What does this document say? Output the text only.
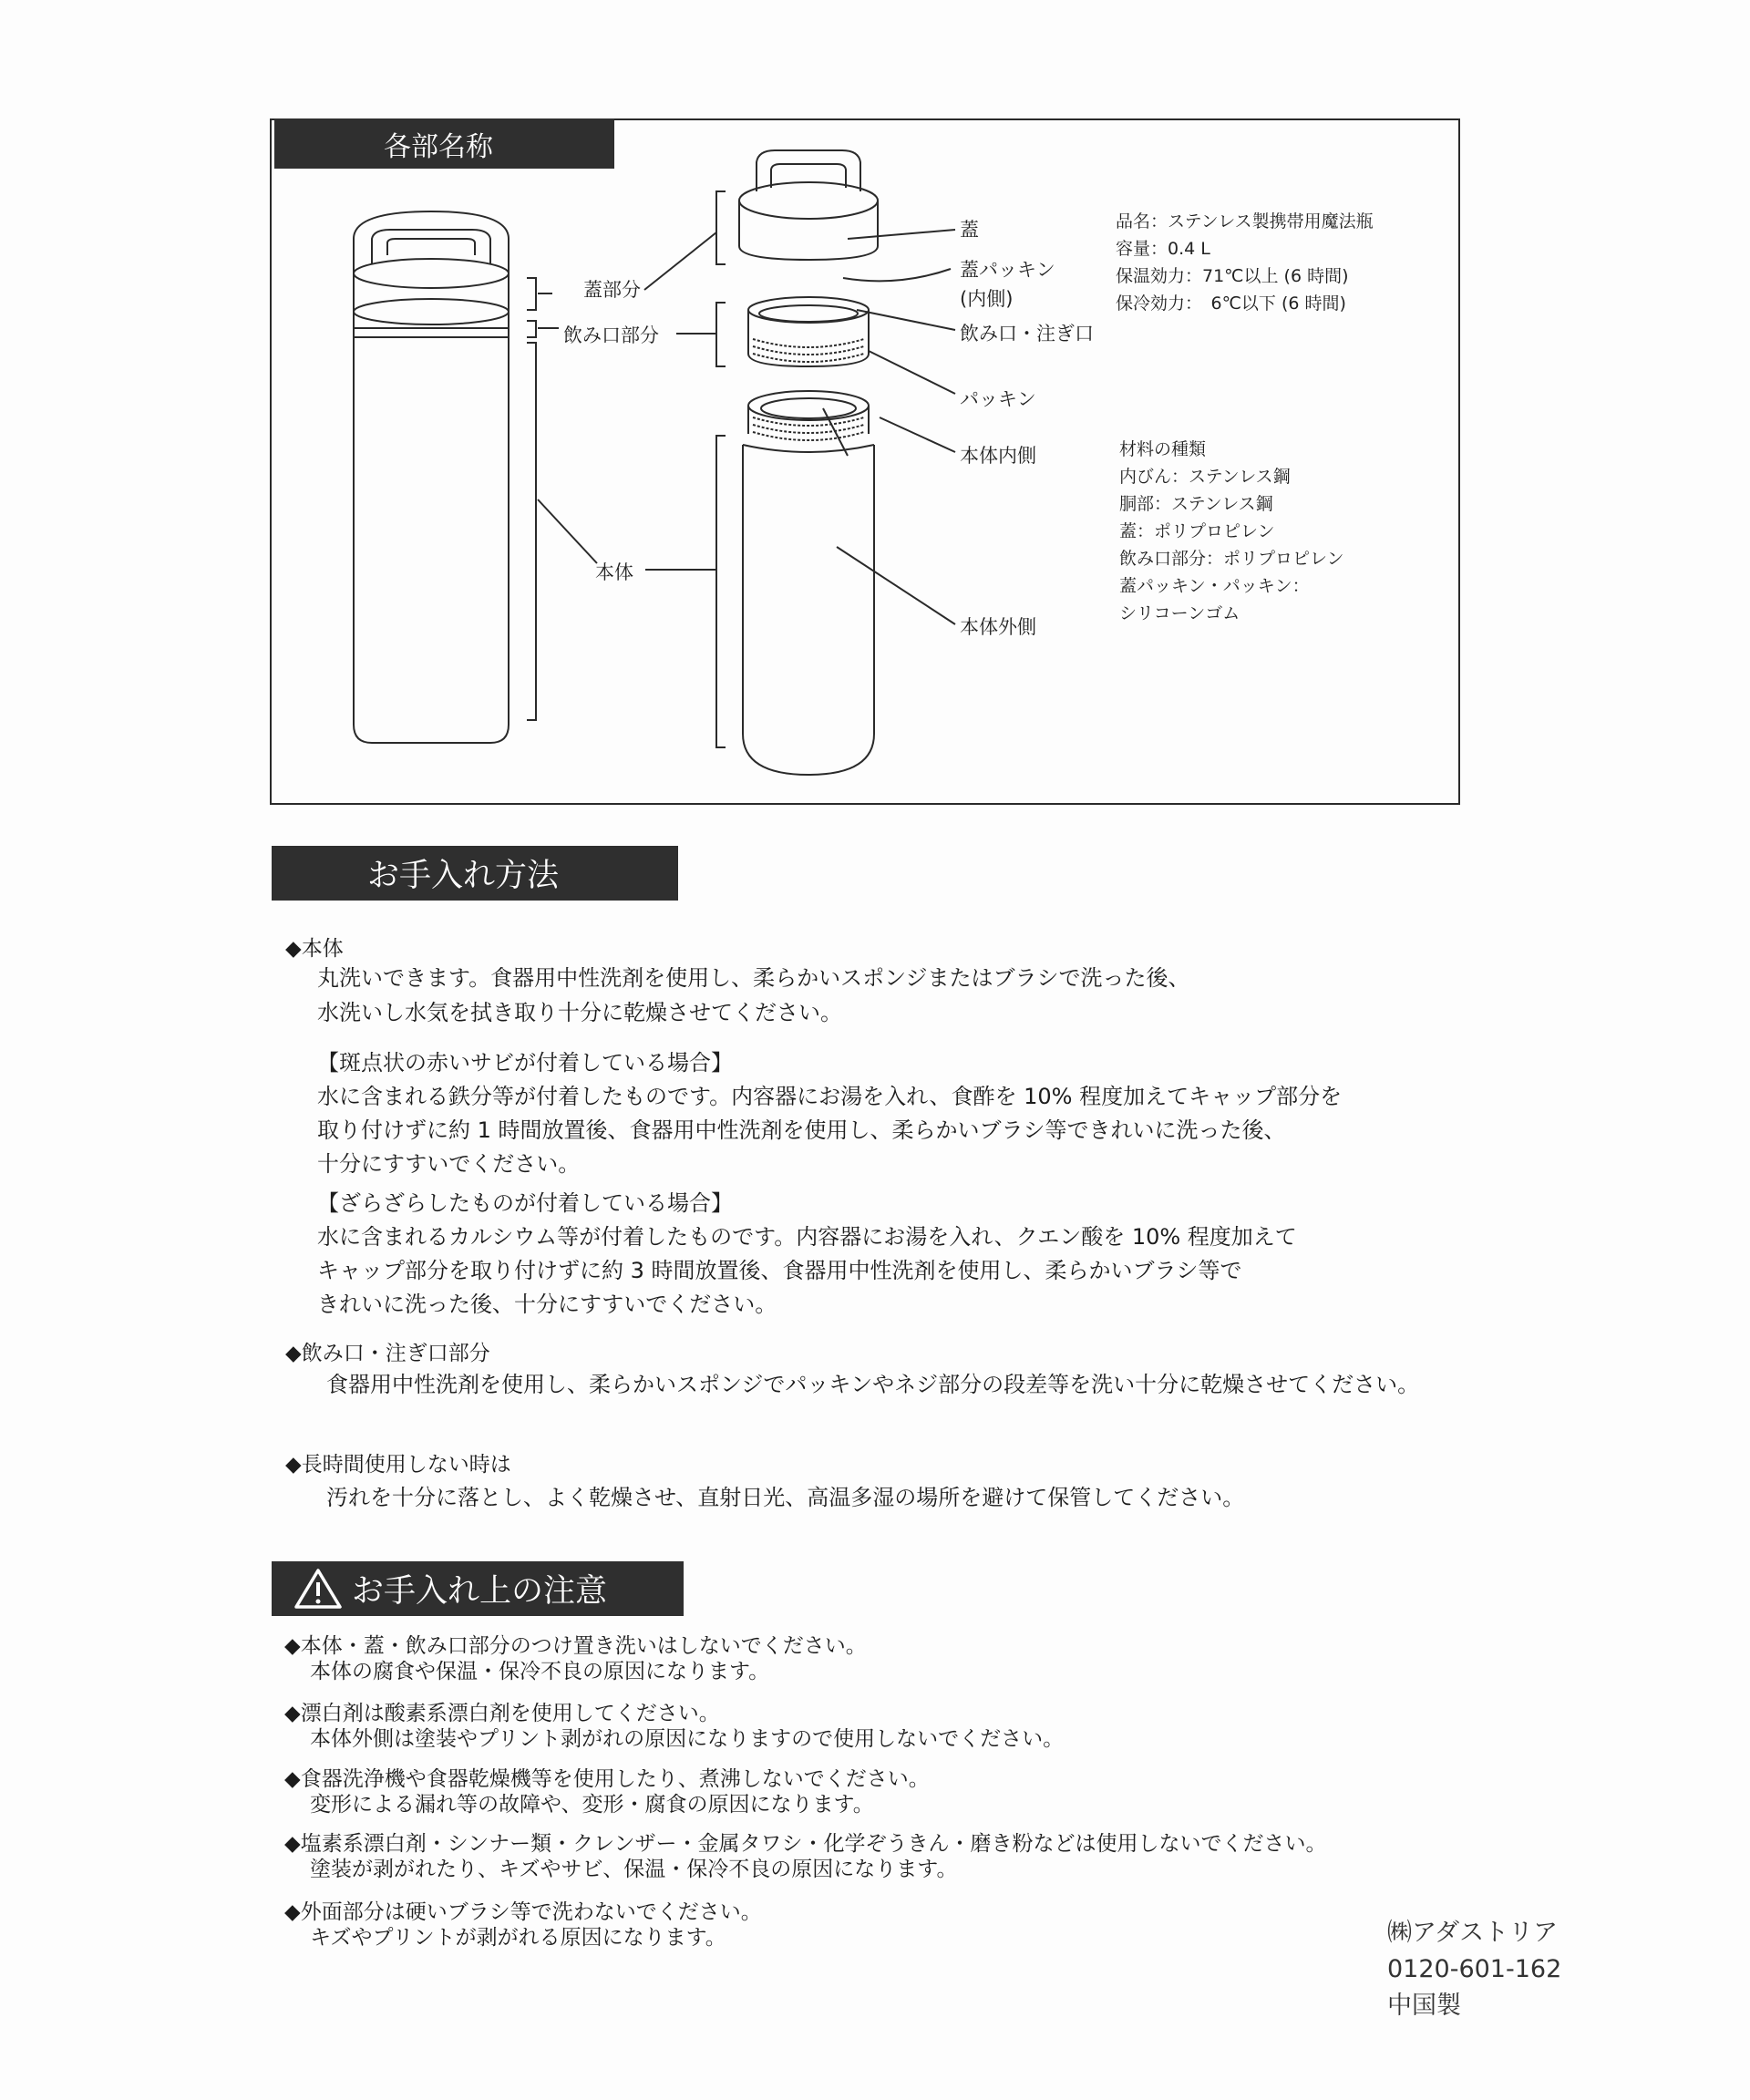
各部名称
蓋部分
飲み口部分
本体
蓋
蓋パッキン
(内側)
飲み口・注ぎ口
パッキン
本体内側
本体外側
品名：ステンレス製携帯用魔法瓶
容量：0.4 L
保温効力：71℃以上 (6 時間)
保冷効力：　6℃以下 (6 時間)
材料の種類
内びん：ステンレス鋼
胴部：ステンレス鋼
蓋：ポリプロピレン
飲み口部分：ポリプロピレン
蓋パッキン・パッキン：
シリコーンゴム
お手入れ方法
◆本体
丸洗いできます。食器用中性洗剤を使用し、柔らかいスポンジまたはブラシで洗った後、
水洗いし水気を拭き取り十分に乾燥させてください。
【斑点状の赤いサビが付着している場合】
水に含まれる鉄分等が付着したものです。内容器にお湯を入れ、食酢を 10% 程度加えてキャップ部分を
取り付けずに約 1 時間放置後、食器用中性洗剤を使用し、柔らかいブラシ等できれいに洗った後、
十分にすすいでください。
【ざらざらしたものが付着している場合】
水に含まれるカルシウム等が付着したものです。内容器にお湯を入れ、クエン酸を 10% 程度加えて
キャップ部分を取り付けずに約 3 時間放置後、食器用中性洗剤を使用し、柔らかいブラシ等で
きれいに洗った後、十分にすすいでください。
◆飲み口・注ぎ口部分
食器用中性洗剤を使用し、柔らかいスポンジでパッキンやネジ部分の段差等を洗い十分に乾燥させてください。
◆長時間使用しない時は
汚れを十分に落とし、よく乾燥させ、直射日光、高温多湿の場所を避けて保管してください。
お手入れ上の注意
◆本体・蓋・飲み口部分のつけ置き洗いはしないでください。
本体の腐食や保温・保冷不良の原因になります。
◆漂白剤は酸素系漂白剤を使用してください。
本体外側は塗装やプリント剥がれの原因になりますので使用しないでください。
◆食器洗浄機や食器乾燥機等を使用したり、煮沸しないでください。
変形による漏れ等の故障や、変形・腐食の原因になります。
◆塩素系漂白剤・シンナー類・クレンザー・金属タワシ・化学ぞうきん・磨き粉などは使用しないでください。
塗装が剥がれたり、キズやサビ、保温・保冷不良の原因になります。
◆外面部分は硬いブラシ等で洗わないでください。
キズやプリントが剥がれる原因になります。	㈱アダストリア
0120-601-162
中国製
